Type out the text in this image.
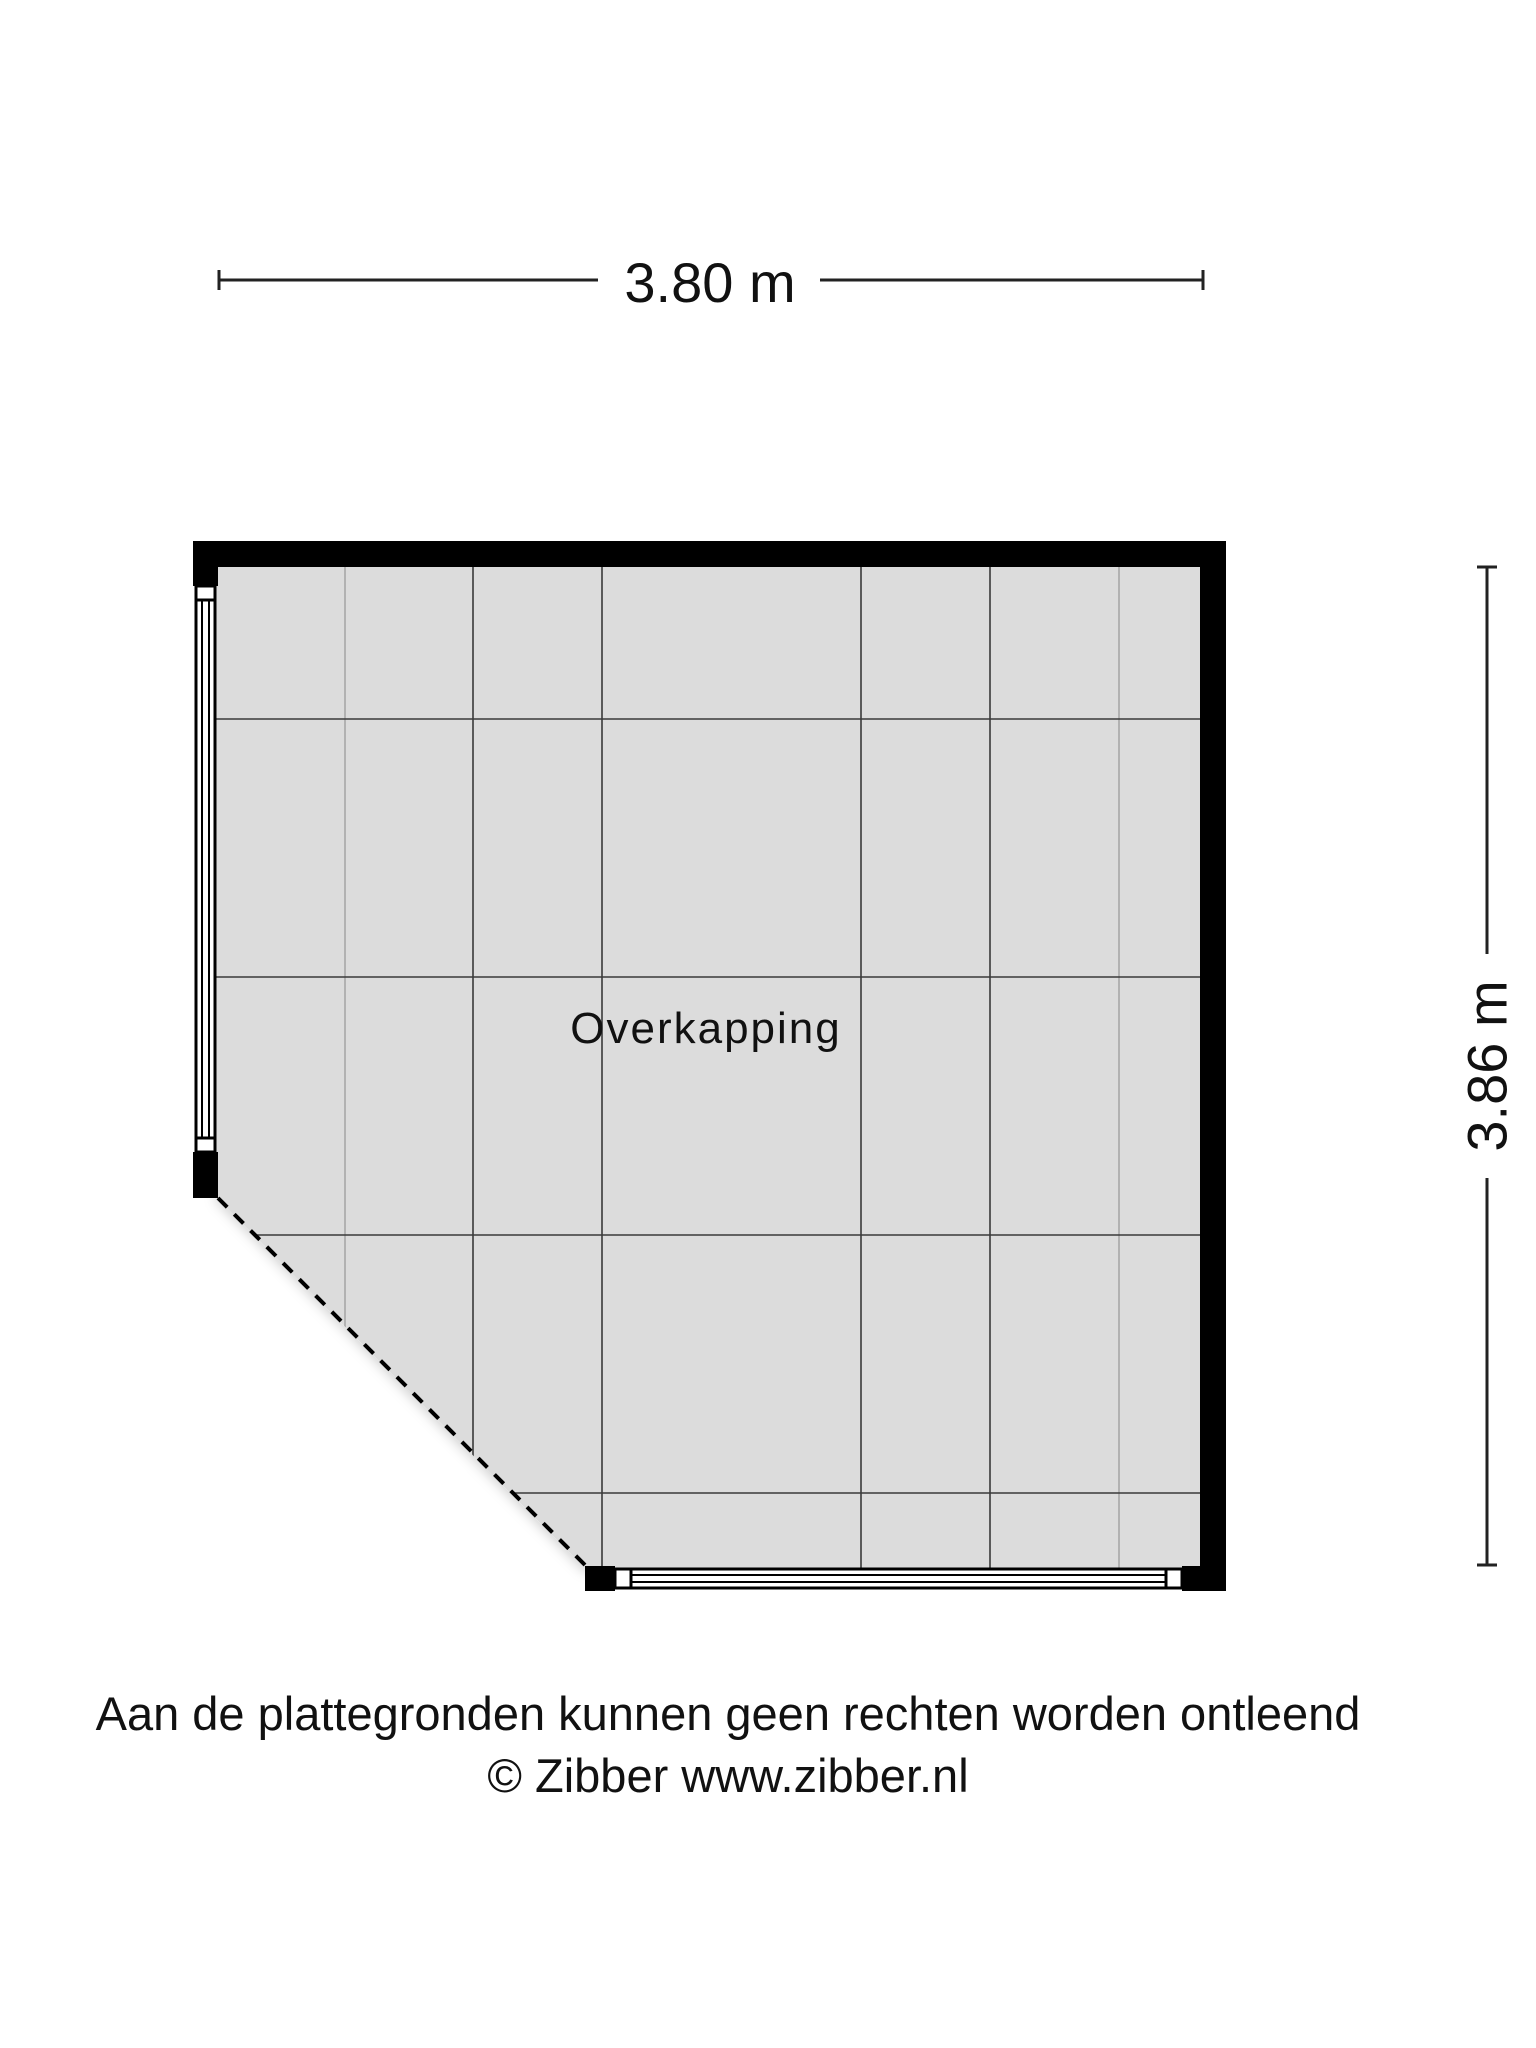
3.80 m
3.86 m
Overkapping
Aan de plattegronden kunnen geen rechten worden ontleend
© Zibber www.zibber.nl
